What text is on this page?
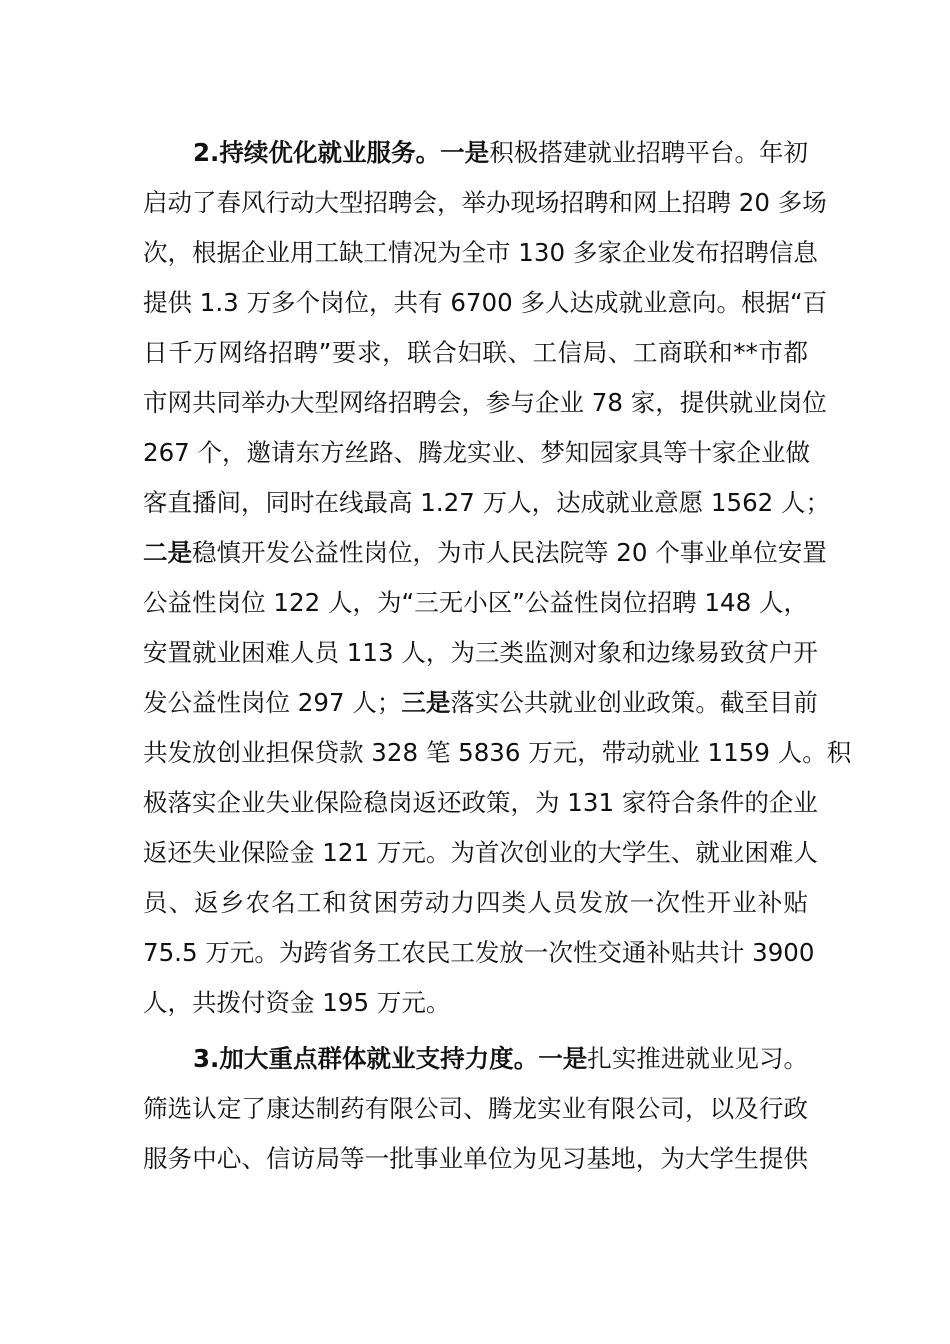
2.持续优化就业服务。一是积极搭建就业招聘平台。年初
启动了春风行动大型招聘会，举办现场招聘和网上招聘 20 多场
次，根据企业用工缺工情况为全市 130 多家企业发布招聘信息
提供 1.3 万多个岗位，共有 6700 多人达成就业意向。根据“百
日千万网络招聘”要求，联合妇联、工信局、工商联和**市都
市网共同举办大型网络招聘会，参与企业 78 家，提供就业岗位
267 个，邀请东方丝路、腾龙实业、梦知园家具等十家企业做
客直播间，同时在线最高 1.27 万人，达成就业意愿 1562 人；
二是稳慎开发公益性岗位，为市人民法院等 20 个事业单位安置
公益性岗位 122 人，为“三无小区”公益性岗位招聘 148 人，
安置就业困难人员 113 人，为三类监测对象和边缘易致贫户开
发公益性岗位 297 人；三是落实公共就业创业政策。截至目前
共发放创业担保贷款 328 笔 5836 万元，带动就业 1159 人。积
极落实企业失业保险稳岗返还政策，为 131 家符合条件的企业
返还失业保险金 121 万元。为首次创业的大学生、就业困难人
员、返乡农名工和贫困劳动力四类人员发放一次性开业补贴
75.5 万元。为跨省务工农民工发放一次性交通补贴共计 3900
人，共拨付资金 195 万元。
3.加大重点群体就业支持力度。一是扎实推进就业见习。
筛选认定了康达制药有限公司、腾龙实业有限公司，以及行政
服务中心、信访局等一批事业单位为见习基地，为大学生提供
